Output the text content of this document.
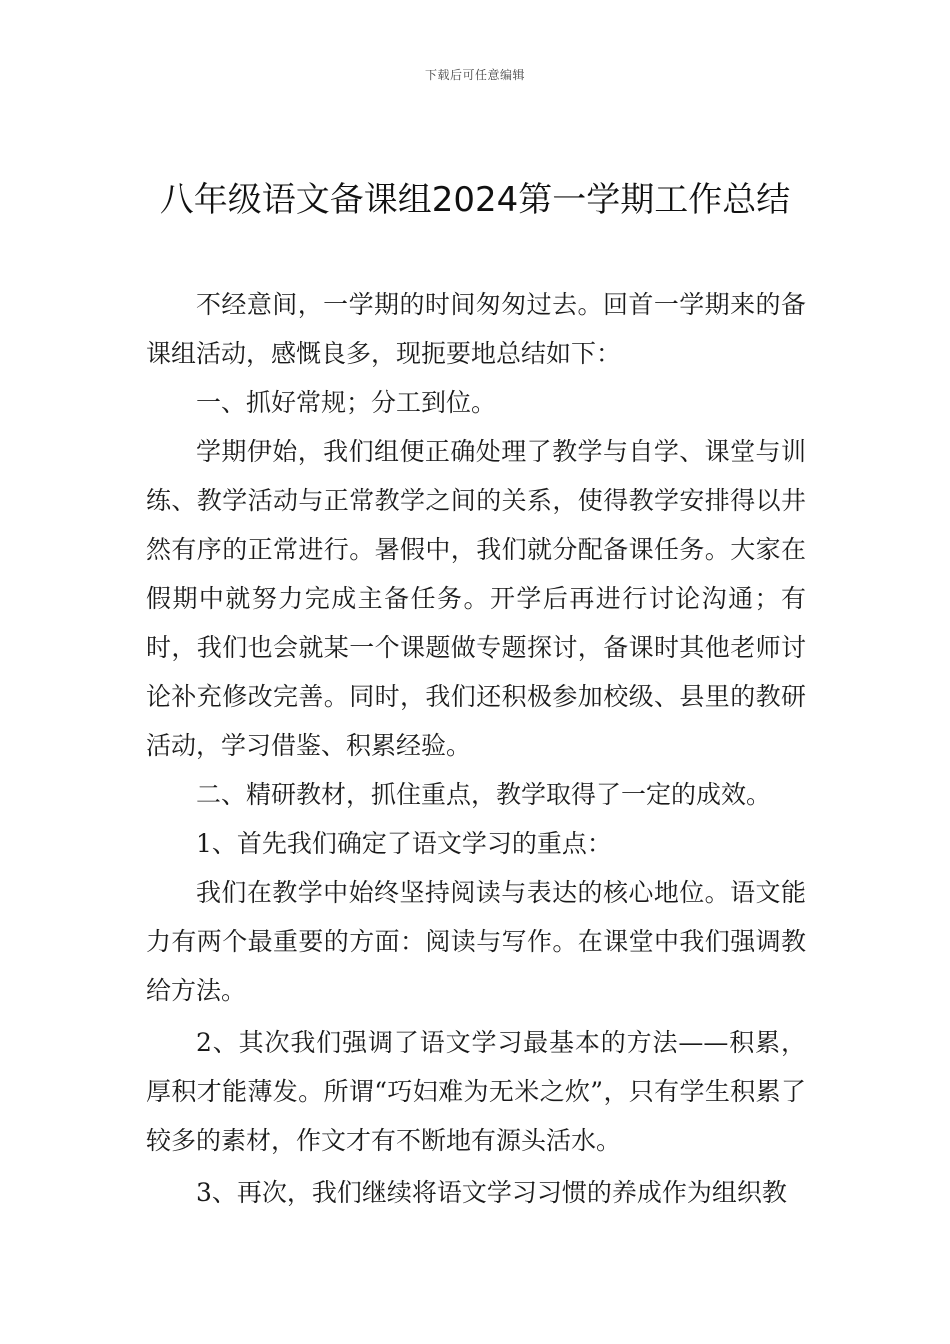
下载后可任意编辑
八年级语文备课组2024第一学期工作总结

不经意间，一学期的时间匆匆过去。回首一学期来的备课组活动，感慨良多，现扼要地总结如下：

一、抓好常规；分工到位。

学期伊始，我们组便正确处理了教学与自学、课堂与训练、教学活动与正常教学之间的关系，使得教学安排得以井然有序的正常进行。暑假中，我们就分配备课任务。大家在假期中就努力完成主备任务。开学后再进行讨论沟通；有时，我们也会就某一个课题做专题探讨，备课时其他老师讨论补充修改完善。同时，我们还积极参加校级、县里的教研活动，学习借鉴、积累经验。

二、精研教材，抓住重点，教学取得了一定的成效。

1、首先我们确定了语文学习的重点：

我们在教学中始终坚持阅读与表达的核心地位。语文能力有两个最重要的方面：阅读与写作。在课堂中我们强调教给方法。

2、其次我们强调了语文学习最基本的方法——积累，厚积才能薄发。所谓“巧妇难为无米之炊”，只有学生积累了较多的素材，作文才有不断地有源头活水。

3、再次，我们继续将语文学习习惯的养成作为组织教
